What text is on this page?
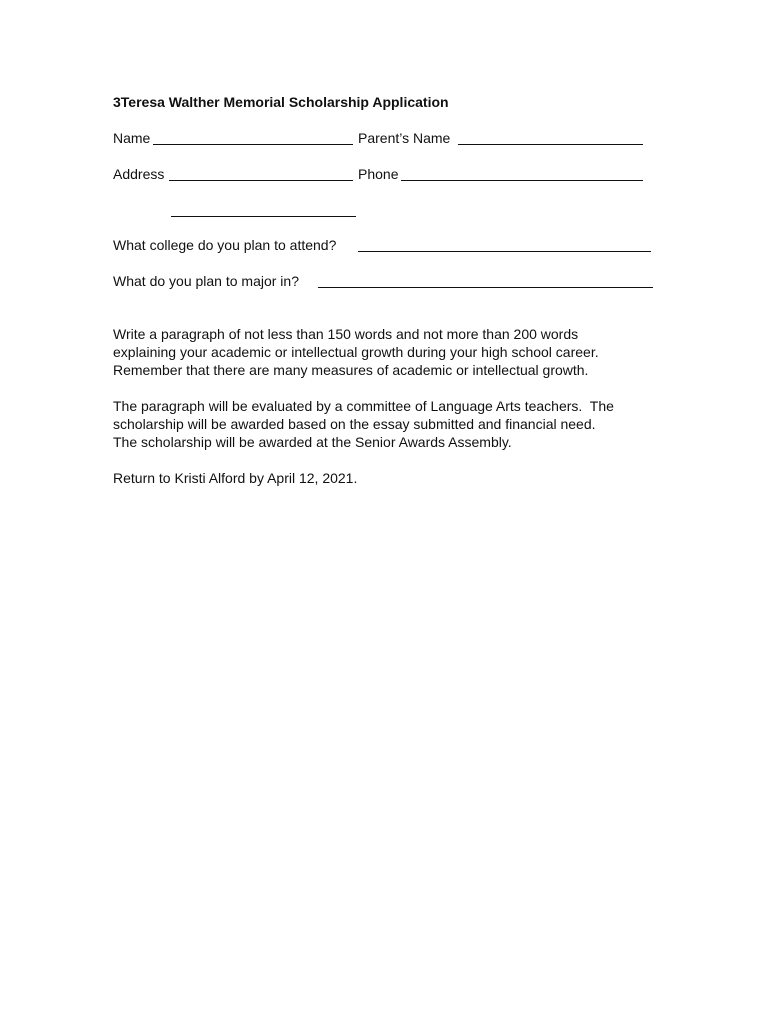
3Teresa Walther Memorial Scholarship Application
Name	Parent’s Name
Address	Phone
What college do you plan to attend?
What do you plan to major in?
Write a paragraph of not less than 150 words and not more than 200 words
explaining your academic or intellectual growth during your high school career.
Remember that there are many measures of academic or intellectual growth.
The paragraph will be evaluated by a committee of Language Arts teachers.  The
scholarship will be awarded based on the essay submitted and financial need.
The scholarship will be awarded at the Senior Awards Assembly.
Return to Kristi Alford by April 12, 2021.
